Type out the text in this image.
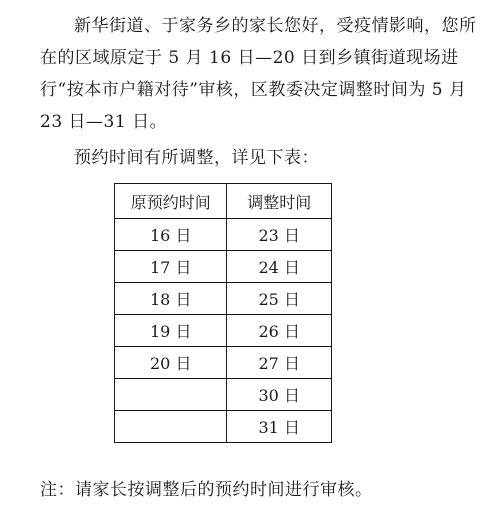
新华街道、于家务乡的家长您好，受疫情影响，您所在的区域原定于 5 月 16 日—20 日到乡镇街道现场进行“按本市户籍对待”审核，区教委决定调整时间为 5 月 23 日—31 日。

预约时间有所调整，详见下表：

原预约时间	调整时间
16 日	23 日
17 日	24 日
18 日	25 日
19 日	26 日
20 日	27 日
	30 日
	31 日

注：请家长按调整后的预约时间进行审核。
